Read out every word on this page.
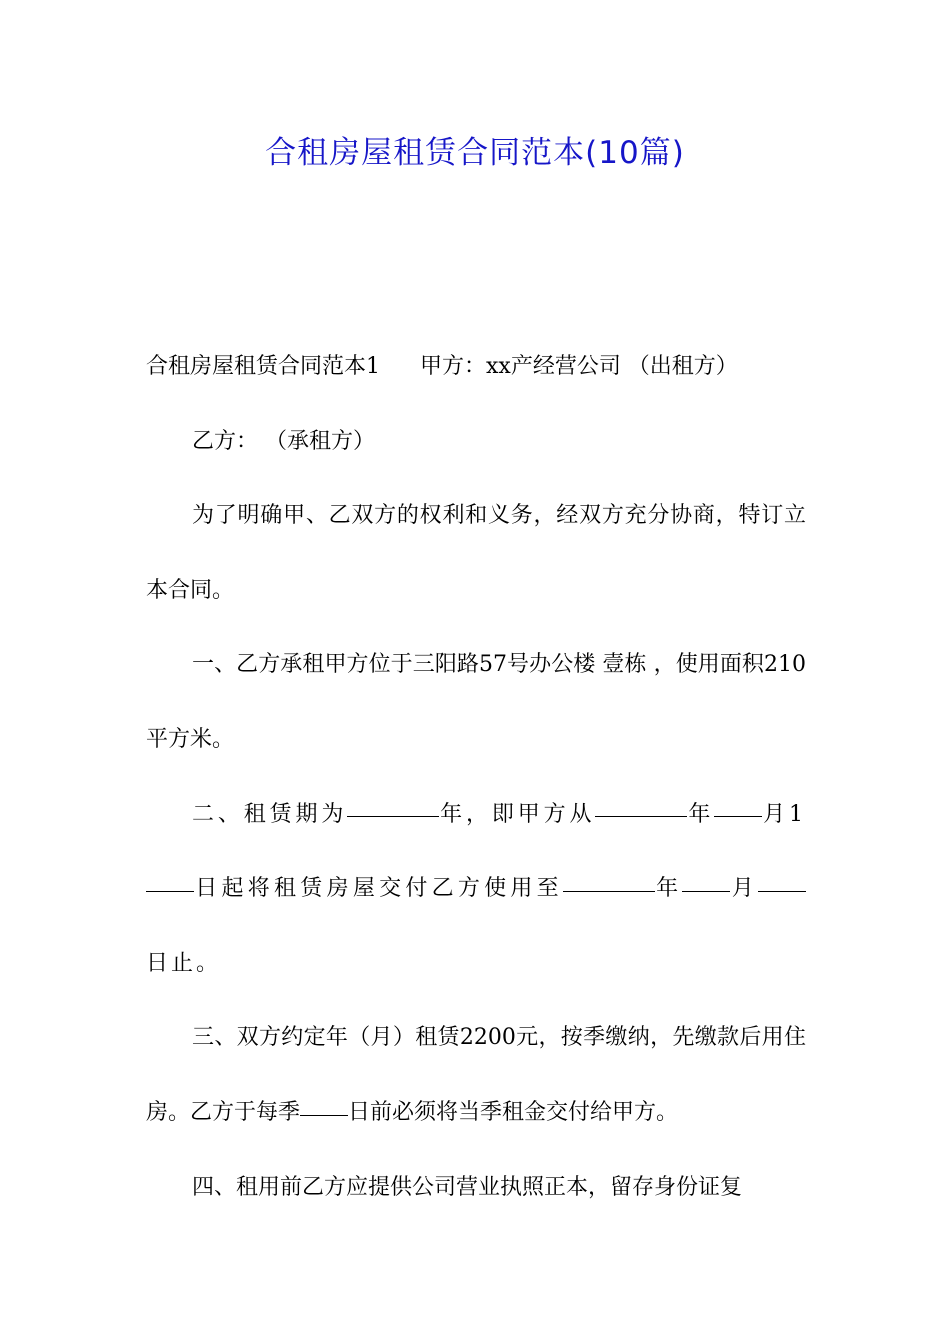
合租房屋租赁合同范本(10篇)

合租房屋租赁合同范本1 甲方：xx产经营公司 （出租方）

乙方： （承租方）

为了明确甲、乙双方的权利和义务，经双方充分协商，特订立本合同。

一、乙方承租甲方位于三阳路57号办公楼 壹栋 ，使用面积210平方米。

二、租赁期为	年，即甲方从	年 月1日起将租赁房屋交付乙方使用至	年 月日止。

三、双方约定年（月）租赁2200元，按季缴纳，先缴款后用住房。乙方于每季 日前必须将当季租金交付给甲方。

四、租用前乙方应提供公司营业执照正本，留存身份证复
